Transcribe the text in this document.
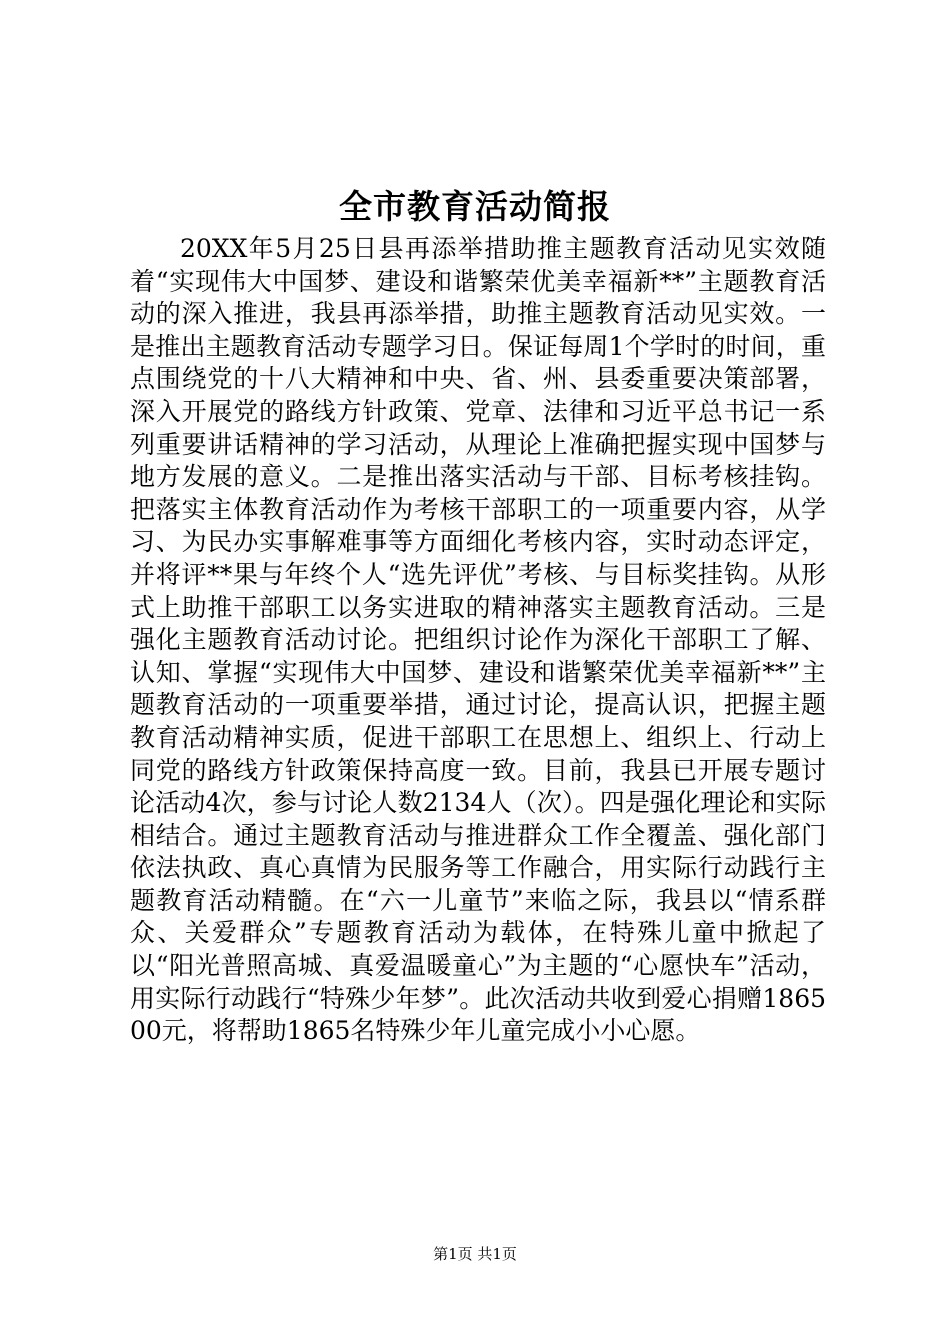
全市教育活动简报

20XX年5月25日县再添举措助推主题教育活动见实效随着“实现伟大中国梦、建设和谐繁荣优美幸福新**”主题教育活动的深入推进，我县再添举措，助推主题教育活动见实效。一是推出主题教育活动专题学习日。保证每周1个学时的时间，重点围绕党的十八大精神和中央、省、州、县委重要决策部署，深入开展党的路线方针政策、党章、法律和习近平总书记一系列重要讲话精神的学习活动，从理论上准确把握实现中国梦与地方发展的意义。二是推出落实活动与干部、目标考核挂钩。把落实主体教育活动作为考核干部职工的一项重要内容，从学习、为民办实事解难事等方面细化考核内容，实时动态评定，并将评**果与年终个人“选先评优”考核、与目标奖挂钩。从形式上助推干部职工以务实进取的精神落实主题教育活动。三是强化主题教育活动讨论。把组织讨论作为深化干部职工了解、认知、掌握“实现伟大中国梦、建设和谐繁荣优美幸福新**”主题教育活动的一项重要举措，通过讨论，提高认识，把握主题教育活动精神实质，促进干部职工在思想上、组织上、行动上同党的路线方针政策保持高度一致。目前，我县已开展专题讨论活动4次，参与讨论人数2134人（次）。四是强化理论和实际相结合。通过主题教育活动与推进群众工作全覆盖、强化部门依法执政、真心真情为民服务等工作融合，用实际行动践行主题教育活动精髓。在“六一儿童节”来临之际，我县以“情系群众、关爱群众”专题教育活动为载体，在特殊儿童中掀起了以“阳光普照高城、真爱温暖童心”为主题的“心愿快车”活动，用实际行动践行“特殊少年梦”。此次活动共收到爱心捐赠186500元，将帮助1865名特殊少年儿童完成小小心愿。

第1页 共1页
